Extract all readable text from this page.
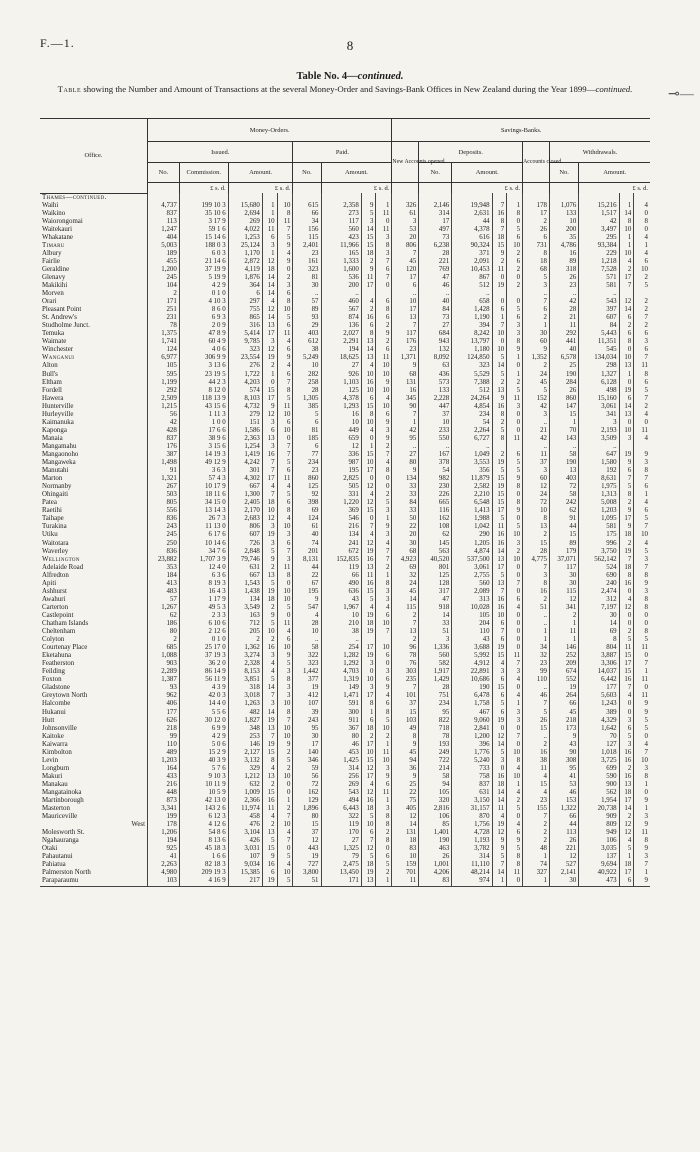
F.—1.	8
⊸—
Table No. 4—continued.
Table showing the Number and Amount of Transactions at the several Money-Order and Savings-Bank Offices in New Zealand during the Year 1899—continued.
Office.	Money-Orders.									Savings-Banks.									
	Issued.					Paid.				New Accounts opened.	Deposits.				Accounts closed.	Withdrawals.			
	No.	Commission.	Amount.			No.	Amount.				No.	Amount.				No.	Amount.		
		£ s. d.	£ s. d.				£ s. d.					£ s. d.					£ s. d.		
Thames—continued.																			
Waihi	4,737	199 10 3	15,680	1	10	615	2,358	9	1	326	2,146	19,948	7	1	178	1,076	15,216	1	4
Waikino	837	35 10 6	2,694	1	8	66	273	5	11	61	314	2,631	16	8	17	133	1,517	14	0
Waiorongomai	113	3 17 9	269	10	11	34	117	3	0	3	17	44	8	0	2	10	42	8	8
Waitekauri	1,247	59 1 6	4,022	11	7	156	560	14	11	53	497	4,378	7	5	26	200	3,497	10	0
Whakatane	404	15 14 6	1,253	6	5	115	423	15	3	20	73	616	18	6	6	35	295	1	4
Timaru	5,003	188 0 3	25,124	3	9	2,401	11,966	15	8	806	6,238	90,324	15	10	731	4,786	93,384	1	1
Albury	189	6 0 3	1,170	1	4	23	165	18	3	7	28	371	9	2	8	16	229	10	4
Fairlie	455	21 14 6	2,872	12	9	161	1,333	2	7	45	221	2,091	2	6	18	89	1,218	4	6
Geraldine	1,200	37 19 9	4,119	18	0	323	1,600	9	6	120	769	10,453	11	2	68	318	7,528	2	10
Glenavy	245	5 19 9	1,876	14	2	81	536	11	7	17	47	867	0	0	5	26	571	17	2
Makikihi	104	4 2 9	364	14	3	30	200	17	0	6	46	512	19	2	3	23	581	7	5
Morven	2	0 1 0	6	14	6	..	..			..	..	..			..	..	..		
Orari	171	4 10 3	297	4	8	57	460	4	6	10	40	658	0	0	7	42	543	12	2
Pleasant Point	251	8 6 0	755	12	10	89	567	2	8	17	84	1,428	6	5	6	28	397	14	2
St. Andrew's	231	6 9 3	865	14	5	93	874	16	6	13	73	1,190	1	6	2	21	607	6	7
Studholme Junct.	78	2 0 9	316	13	6	29	136	6	2	7	27	394	7	3	1	11	84	2	2
Temuka	1,375	47 8 9	5,414	17	11	403	2,027	8	9	117	684	8,242	10	3	30	292	5,443	6	6
Waimate	1,741	60 4 9	9,785	3	4	612	2,291	13	2	176	943	13,797	0	8	60	441	11,351	8	3
Winchester	124	4 0 6	323	12	6	38	194	14	6	23	132	1,180	10	9	9	40	545	0	6
Wanganui	6,977	306 9 9	23,554	19	9	5,249	18,625	13	11	1,371	8,092	124,850	5	1	1,352	6,578	134,034	10	7
Alton	105	3 13 6	276	2	4	10	27	4	10	9	63	323	14	0	2	25	298	13	11
Bull's	595	23 19 5	1,722	1	6	282	926	10	10	68	436	5,529	5	1	24	190	1,327	1	8
Eltham	1,199	44 2 3	4,203	0	7	258	1,103	16	9	131	573	7,388	2	2	45	284	6,128	0	6
Fordell	292	8 12 0	574	15	8	28	125	10	10	16	133	512	13	5	5	26	498	19	5
Hawera	2,509	118 13 9	8,103	17	5	1,305	4,378	6	4	345	2,228	24,264	9	11	152	860	15,160	6	7
Hunterville	1,215	43 15 6	4,732	9	11	385	1,293	15	10	90	447	4,854	16	3	42	147	3,061	14	2
Hurleyville	56	1 11 3	279	12	10	5	16	8	6	7	37	234	8	0	3	15	341	13	4
Kaimanuka	42	1 0 0	151	3	6	6	10	10	9	1	10	54	2	0	..	1	3	0	0
Kaponga	428	17 6 6	1,586	6	10	81	449	4	3	42	233	2,264	5	0	21	70	2,193	10	11
Manaia	837	38 9 6	2,363	13	0	185	659	0	9	95	550	6,727	8	11	42	143	3,509	3	4
Mangamahu	176	3 15 6	1,254	3	7	6	12	1	2	..	..	..			..	..	..		
Mangaonoho	387	14 19 3	1,419	16	7	77	336	15	7	27	167	1,049	2	6	11	58	647	19	9
Mangaweka	1,498	49 12 9	4,242	7	5	234	987	10	4	80	378	3,553	19	5	37	190	1,580	9	3
Manutahi	91	3 6 3	301	7	6	23	195	17	8	9	54	356	5	5	3	13	192	6	8
Marton	1,321	57 4 3	4,302	17	11	860	2,825	0	0	134	982	11,879	15	9	60	403	8,631	7	7
Normanby	267	10 17 9	667	4	4	125	505	12	0	33	230	2,582	19	8	12	72	1,975	5	6
Ohingaiti	503	18 11 6	1,300	7	5	92	331	4	2	33	226	2,210	15	0	24	58	1,313	8	1
Patea	805	34 15 0	2,405	18	6	398	1,220	12	5	84	665	6,548	15	8	72	242	5,008	2	4
Raetihi	556	13 14 3	2,170	10	8	69	369	15	3	33	116	1,413	17	9	10	62	1,203	9	6
Taihape	836	26 7 3	2,683	12	4	124	546	0	1	50	162	1,988	5	0	8	91	1,095	17	5
Turakina	243	11 13 0	806	3	10	61	216	7	9	22	108	1,042	11	5	13	44	581	9	7
Utiku	245	6 17 6	607	19	3	40	134	4	3	20	62	290	16	10	2	15	175	18	10
Waitotara	250	10 14 6	726	3	6	74	241	12	4	30	145	1,205	16	3	15	89	996	2	4
Waverley	836	34 7 6	2,848	5	7	201	672	19	7	68	563	4,874	14	2	28	179	3,750	19	5
Wellington	23,882	1,707 3 9	79,746	9	3	8,131	152,835	16	7	4,923	40,520	537,500	13	10	4,775	37,071	562,142	7	3
Adelaide Road	353	12 4 0	631	2	11	44	119	13	2	69	801	3,061	17	0	7	117	524	18	7
Alfredton	184	6 3 6	667	13	8	22	66	11	1	32	125	2,755	5	0	3	30	690	8	8
Apiti	413	8 19 3	1,543	5	0	67	490	16	8	24	128	560	13	7	8	30	240	16	9
Ashhurst	483	16 4 3	1,438	19	10	195	636	15	3	45	317	2,089	7	0	16	115	2,474	0	3
Awahuri	57	1 17 9	134	18	10	9	43	5	3	14	47	313	16	6	2	12	312	4	8
Carterton	1,267	49 5 3	3,549	2	5	547	1,967	4	4	115	918	10,028	16	4	51	341	7,197	12	8
Castlepoint	62	2 3 3	163	9	0	4	10	19	6	2	14	105	10	0	..	2	30	0	0
Chatham Islands	186	6 10 6	712	5	11	28	210	18	10	7	33	204	6	0	..	1	14	0	0
Cheltenham	80	2 12 6	205	10	4	10	38	19	7	13	51	110	7	0	1	11	69	2	8
Colyton	2	0 1 0	2	2	6	..	..			2	3	43	6	0	1	1	8	5	5
Courtenay Place	685	25 17 0	1,362	16	10	58	254	17	10	96	1,336	3,688	19	0	34	146	804	11	11
Eketahuna	1,088	37 19 3	3,274	3	9	322	1,282	19	6	78	560	5,992	15	11	32	252	3,887	15	0
Featherston	903	36 2 0	2,328	4	5	323	1,292	3	0	76	582	4,912	4	7	23	209	3,306	17	7
Feilding	2,289	86 14 9	8,153	4	3	1,442	4,703	0	3	303	1,917	22,891	3	3	99	674	14,037	15	1
Foxton	1,387	56 11 9	3,851	5	8	377	1,319	10	6	235	1,429	10,686	6	4	110	552	6,442	16	11
Gladstone	93	4 3 9	318	14	3	19	149	3	9	7	28	190	15	0	..	19	177	7	0
Greytown North	962	42 0 3	3,018	7	3	412	1,471	17	4	101	751	6,478	6	4	46	264	5,603	4	11
Halcombe	406	14 4 0	1,263	3	10	107	591	8	6	37	234	1,758	5	1	7	66	1,243	0	9
Hukanui	177	5 5 6	482	14	8	39	300	1	8	15	95	467	6	3	5	45	389	0	9
Hutt	626	30 12 0	1,827	19	7	243	911	6	5	103	822	9,060	19	3	26	218	4,329	3	5
Johnsonville	218	6 9 9	348	13	10	95	367	18	10	49	718	2,841	0	0	15	173	1,642	6	5
Kaitoke	99	4 2 9	253	7	10	30	80	2	2	8	78	1,200	12	7	..	9	70	5	0
Kaiwarra	110	5 0 6	146	19	9	17	46	17	1	9	193	396	14	0	2	43	127	3	4
Kimbolton	489	15 2 9	2,127	15	2	140	453	10	11	45	249	1,776	5	10	16	90	1,018	16	7
Levin	1,203	40 3 9	3,132	8	5	346	1,425	15	10	94	722	5,240	3	8	38	308	3,725	16	10
Longburn	164	5 7 6	329	4	2	59	314	12	3	36	214	733	0	4	11	95	699	2	3
Makuri	433	9 10 3	1,212	13	10	56	256	17	9	9	58	758	16	10	4	41	590	16	8
Manakau	216	10 11 9	632	2	0	72	269	4	6	25	94	837	18	1	15	53	900	13	1
Mangatainoka	448	10 5 9	1,009	15	0	162	543	12	11	22	105	631	14	4	4	46	562	18	0
Martinborough	873	42 13 0	2,366	16	1	129	494	16	1	75	320	3,150	14	2	23	153	1,954	17	9
Masterton	3,341	143 2 6	11,974	11	2	1,896	6,443	18	3	405	2,816	31,157	11	5	155	1,322	20,738	14	1
Mauriceville	199	6 12 3	458	4	7	80	322	5	8	12	106	870	4	0	7	66	909	2	3
West	178	4 12 6	476	2	10	15	119	10	8	14	85	1,756	19	4	2	44	809	12	9
Molesworth St.	1,206	54 8 6	3,104	13	4	37	170	6	2	131	1,401	4,728	12	6	2	113	949	12	11
Ngahauranga	194	8 13 6	426	5	7	12	27	7	8	18	190	1,193	9	9	2	26	106	4	8
Otaki	925	45 18 3	3,031	15	0	443	1,325	12	0	83	463	3,782	9	5	48	221	3,035	5	9
Pahautanui	41	1 6 6	107	9	5	19	79	5	6	10	26	314	5	8	1	12	137	1	3
Pahiatua	2,263	82 18 3	9,034	16	4	727	2,475	18	5	159	1,001	11,110	7	8	74	527	9,694	18	7
Palmerston North	4,980	209 19 3	15,385	6	10	3,800	13,450	19	2	701	4,206	48,214	14	11	327	2,141	40,922	17	1
Paraparaumu	103	4 16 9	217	19	5	51	171	13	1	11	83	974	1	0	1	30	473	6	9
